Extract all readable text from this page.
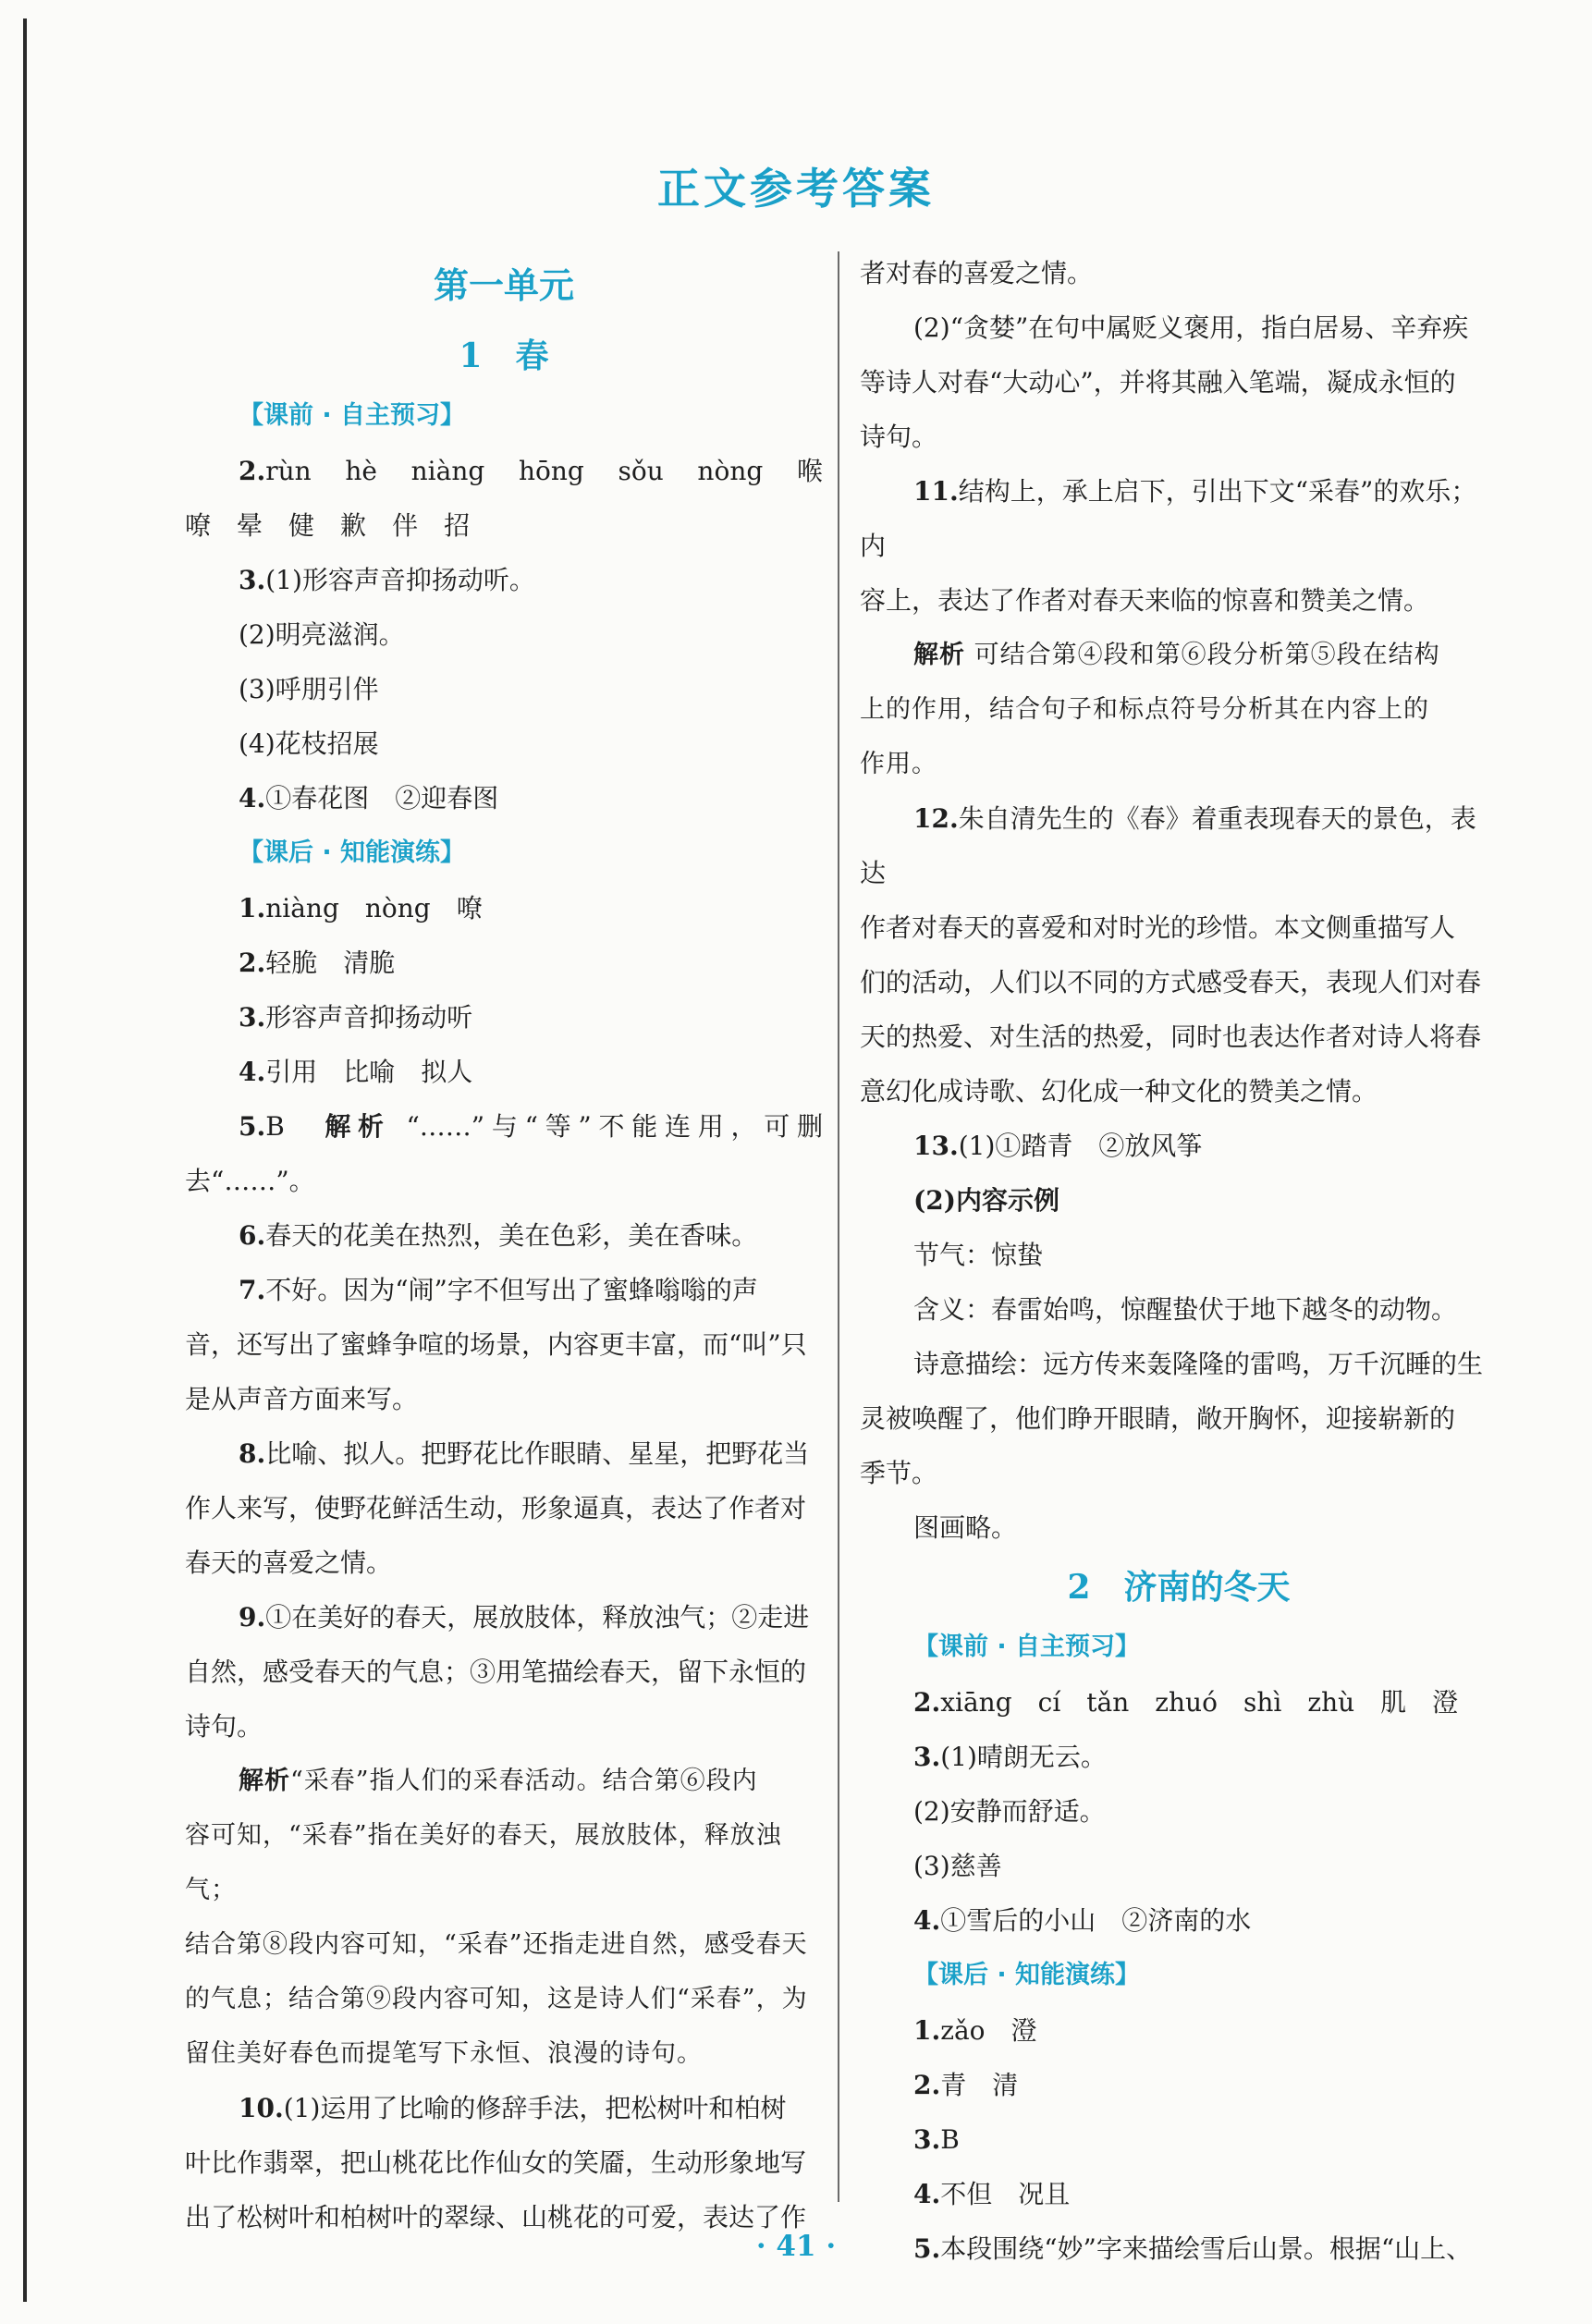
正文参考答案
第一单元
1　春
【课前 · 自主预习】

2.rùn hè niàng hōng sǒu nòng 喉

嘹 晕 健 歉 伴 招

3.(1)形容声音抑扬动听。

(2)明亮滋润。

(3)呼朋引伴

(4)花枝招展

4.①春花图　②迎春图

【课后 · 知能演练】

1.niàng　nòng　嘹

2.轻脆　清脆

3.形容声音抑扬动听

4.引用　比喻　拟人

5.B　 解析 “……”与“等”不能连用，可删

去“……”。

6.春天的花美在热烈，美在色彩，美在香味。

7.不好。因为“闹”字不但写出了蜜蜂嗡嗡的声

音，还写出了蜜蜂争喧的场景，内容更丰富，而“叫”只

是从声音方面来写。

8.比喻、拟人。把野花比作眼睛、星星，把野花当

作人来写，使野花鲜活生动，形象逼真，表达了作者对

春天的喜爱之情。

9.①在美好的春天，展放肢体，释放浊气；②走进

自然，感受春天的气息；③用笔描绘春天，留下永恒的

诗句。

解析“采春”指人们的采春活动。结合第⑥段内

容可知，“采春”指在美好的春天，展放肢体，释放浊气；

结合第⑧段内容可知，“采春”还指走进自然，感受春天

的气息；结合第⑨段内容可知，这是诗人们“采春”，为

留住美好春色而提笔写下永恒、浪漫的诗句。

10.(1)运用了比喻的修辞手法，把松树叶和柏树

叶比作翡翠，把山桃花比作仙女的笑靥，生动形象地写

出了松树叶和柏树叶的翠绿、山桃花的可爱，表达了作

者对春的喜爱之情。

(2)“贪婪”在句中属贬义褒用，指白居易、辛弃疾

等诗人对春“大动心”，并将其融入笔端，凝成永恒的

诗句。

11.结构上，承上启下，引出下文“采春”的欢乐；内

容上，表达了作者对春天来临的惊喜和赞美之情。

解析 可结合第④段和第⑥段分析第⑤段在结构

上的作用，结合句子和标点符号分析其在内容上的

作用。

12.朱自清先生的《春》着重表现春天的景色，表达

作者对春天的喜爱和对时光的珍惜。本文侧重描写人

们的活动，人们以不同的方式感受春天，表现人们对春

天的热爱、对生活的热爱，同时也表达作者对诗人将春

意幻化成诗歌、幻化成一种文化的赞美之情。

13.(1)①踏青　②放风筝

(2)内容示例

节气：惊蛰

含义：春雷始鸣，惊醒蛰伏于地下越冬的动物。

诗意描绘：远方传来轰隆隆的雷鸣，万千沉睡的生

灵被唤醒了，他们睁开眼睛，敞开胸怀，迎接崭新的

季节。

图画略。

2　济南的冬天
【课前 · 自主预习】

2.xiāng cí tǎn zhuó shì zhù 肌 澄

3.(1)晴朗无云。

(2)安静而舒适。

(3)慈善

4.①雪后的小山　②济南的水

【课后 · 知能演练】

1.zǎo　澄

2.青　清

3.B

4.不但　况且

5.本段围绕“妙”字来描绘雪后山景。根据“山上、

· 41 ·
